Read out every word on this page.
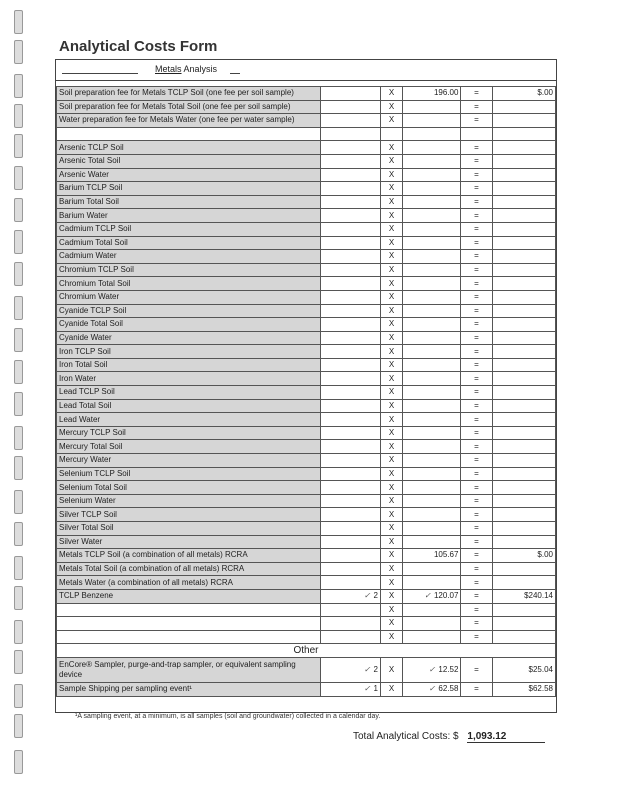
Analytical Costs Form
Metals Analysis
Soil preparation fee for Metals TCLP Soil (one fee per soil sample)		X	196.00	=	$.00
Soil preparation fee for Metals Total Soil (one fee per soil sample)		X		=	
Water preparation fee for Metals Water (one fee per water sample)		X		=	

Arsenic TCLP Soil		X		=	
Arsenic Total Soil		X		=	
Arsenic Water		X		=	
Barium TCLP Soil		X		=	
Barium Total Soil		X		=	
Barium Water		X		=	
Cadmium TCLP Soil		X		=	
Cadmium Total Soil		X		=	
Cadmium Water		X		=	
Chromium TCLP Soil		X		=	
Chromium Total Soil		X		=	
Chromium Water		X		=	
Cyanide TCLP Soil		X		=	
Cyanide Total Soil		X		=	
Cyanide Water		X		=	
Iron TCLP Soil		X		=	
Iron Total Soil		X		=	
Iron Water		X		=	
Lead TCLP Soil		X		=	
Lead Total Soil		X		=	
Lead Water		X		=	
Mercury TCLP Soil		X		=	
Mercury Total Soil		X		=	
Mercury Water		X		=	
Selenium TCLP Soil		X		=	
Selenium Total Soil		X		=	
Selenium Water		X		=	
Silver TCLP Soil		X		=	
Silver Total Soil		X		=	
Silver Water		X		=	
Metals TCLP Soil (a combination of all metals) RCRA		X	105.67	=	$.00
Metals Total Soil (a combination of all metals) RCRA		X		=	
Metals Water (a combination of all metals) RCRA		X		=	
TCLP Benzene	✓ 2	X	✓ 120.07	=	$240.14
		X		=	
		X		=	
		X		=	
Other					
EnCore® Sampler, purge-and-trap sampler, or equivalent sampling device	✓ 2	X	✓ 12.52	=	$25.04
Sample Shipping per sampling event¹	✓ 1	X	✓ 62.58	=	$62.58
¹A sampling event, at a minimum, is all samples (soil and groundwater) collected in a calendar day.
Total Analytical Costs: $ 1,093.12
